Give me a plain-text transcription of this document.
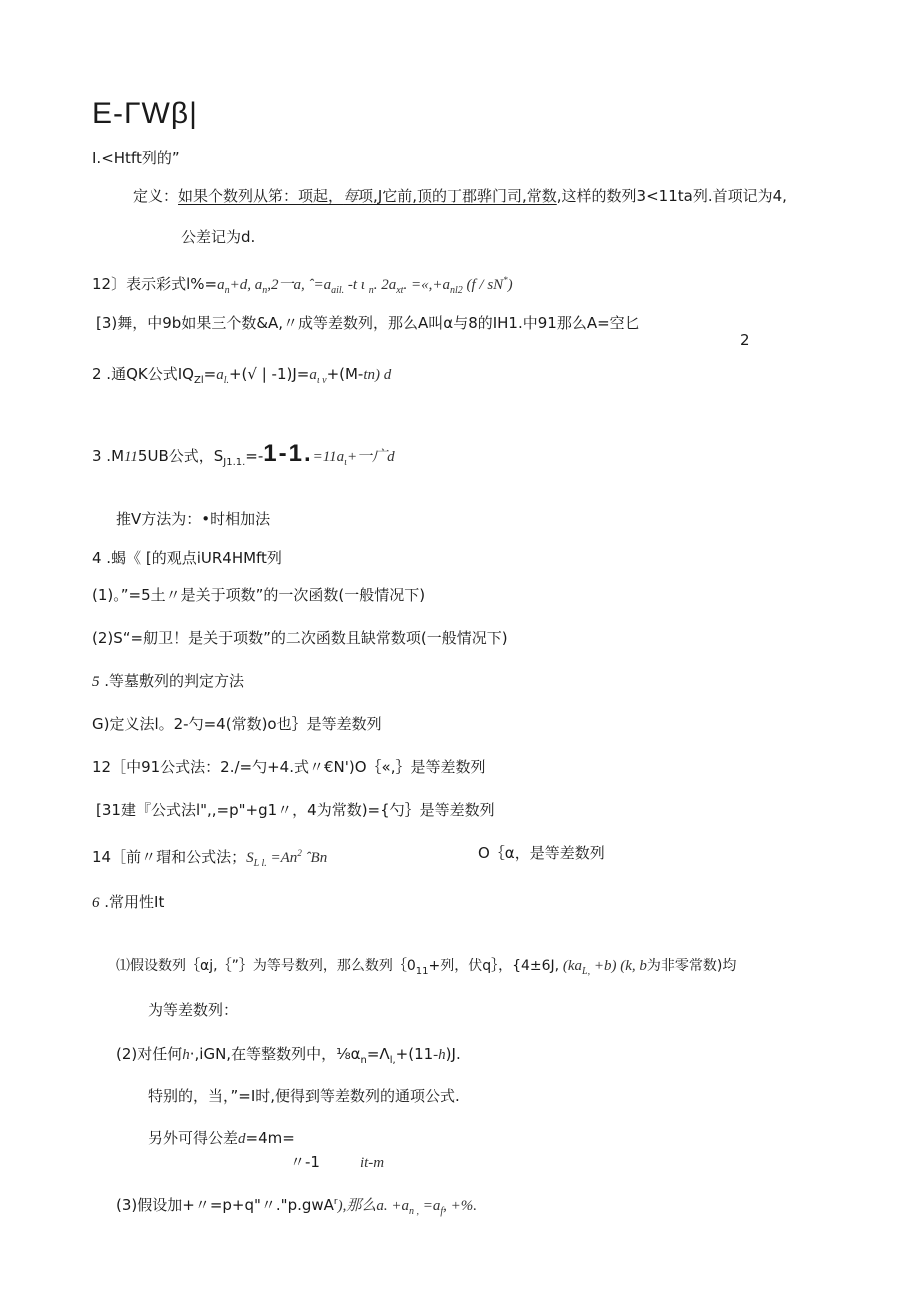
E-ΓWβ|
I.<Htft列的”
定义：如果个数列从笫：项起，每项,J它前,顶的丁郡骅门司,常数,这样的数列3<11ta列.首项记为4,
公差记为d.
12〕表示彩式$l\%=a_n+d$, $a_n,2$一a, $ˆ=a_{ail.}$ -t ι $_n$. $2a_{xt}$. $=«,+a_{nl2}$ (f / sN*)
[3)舞，中9b如果三个数&A,〃成等差数列，那么A叫α与8的IH1.中91那么A=空匕
2
2 .通QK公式$IQ_{Zl}=a_{l.}+(√$ | $-1)J=a_{\iota v}+(M-tn)$ d
3 .M115UB公式，$S_{J1.1.}=-1-1.=11a_\iota+$一广d
推V方法为：•时相加法
4 .蝎《 [的观点iUR4HMft列
(1)。”=5土〃是关于项数”的一次函数(一般情况下)
(2)S“=舠卫！是关于项数”的二次函数且缺常数项(一般情况下)
5 .等墓敷列的判定方法
G)定义法l。2-勺=4(常数)o也｝是等差数列
12［中91公式法：2./=勺+4.式〃€N')O｛«,｝是等差数列
[31建『公式法l",,=p"+g1〃，4为常数)={勺｝是等差数列
14［前〃瑁和公式法；$S_{L l.} =An^2$ ˆBn	O｛α，是等差数列
6 .常用性It
⑴假设数列｛αj,｛”｝为等号数列，那么数列$\{0_{11}+$列，伏q｝，{4±6J, $(ka_{L,} +b)$ (k, b为非零常数)均
为等差数列：
(2)对任何h·,iGN,在等整数列中，$\frac{1}{8}\alpha_n=\Lambda_{l,}+(11-h)J$.
特别的，当，”=I时,便得到等差数列的通项公式.
另外可得公差d=4m=
〃-1	it-m
(3)假设加+〃=p+q"〃."p.gwA$^r$),那么a. $+a_{n ,} =a_f$, +%.
